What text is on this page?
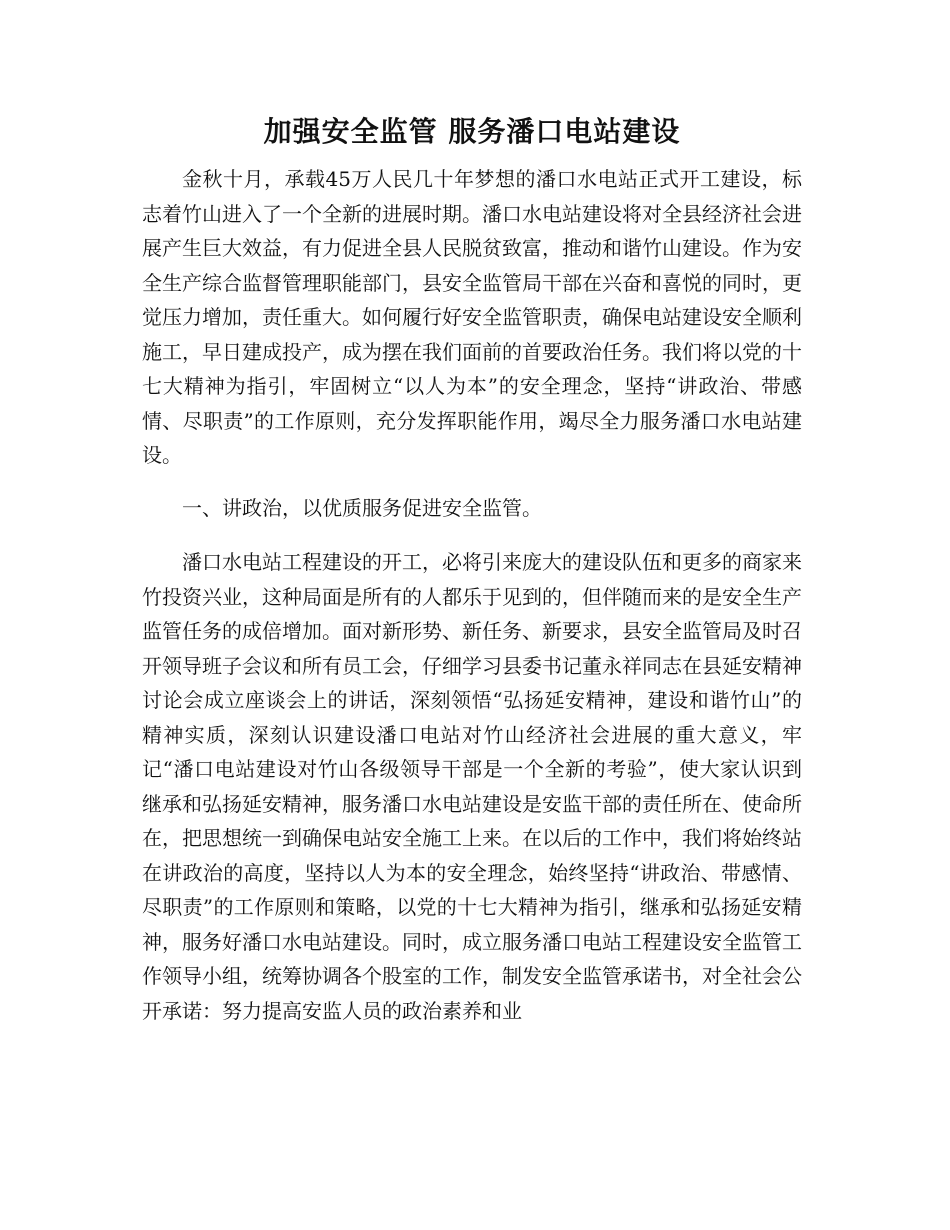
加强安全监管 服务潘口电站建设

金秋十月，承载45万人民几十年梦想的潘口水电站正式开工建设，标志着竹山进入了一个全新的进展时期。潘口水电站建设将对全县经济社会进展产生巨大效益，有力促进全县人民脱贫致富，推动和谐竹山建设。作为安全生产综合监督管理职能部门，县安全监管局干部在兴奋和喜悦的同时，更觉压力增加，责任重大。如何履行好安全监管职责，确保电站建设安全顺利施工，早日建成投产，成为摆在我们面前的首要政治任务。我们将以党的十七大精神为指引，牢固树立“以人为本”的安全理念，坚持“讲政治、带感情、尽职责”的工作原则，充分发挥职能作用，竭尽全力服务潘口水电站建设。

一、讲政治，以优质服务促进安全监管。

潘口水电站工程建设的开工，必将引来庞大的建设队伍和更多的商家来竹投资兴业，这种局面是所有的人都乐于见到的，但伴随而来的是安全生产监管任务的成倍增加。面对新形势、新任务、新要求，县安全监管局及时召开领导班子会议和所有员工会，仔细学习县委书记董永祥同志在县延安精神讨论会成立座谈会上的讲话，深刻领悟“弘扬延安精神，建设和谐竹山”的精神实质，深刻认识建设潘口电站对竹山经济社会进展的重大意义，牢记“潘口电站建设对竹山各级领导干部是一个全新的考验”，使大家认识到继承和弘扬延安精神，服务潘口水电站建设是安监干部的责任所在、使命所在，把思想统一到确保电站安全施工上来。在以后的工作中，我们将始终站在讲政治的高度，坚持以人为本的安全理念，始终坚持“讲政治、带感情、尽职责”的工作原则和策略，以党的十七大精神为指引，继承和弘扬延安精神，服务好潘口水电站建设。同时，成立服务潘口电站工程建设安全监管工作领导小组，统筹协调各个股室的工作，制发安全监管承诺书，对全社会公开承诺：努力提高安监人员的政治素养和业
